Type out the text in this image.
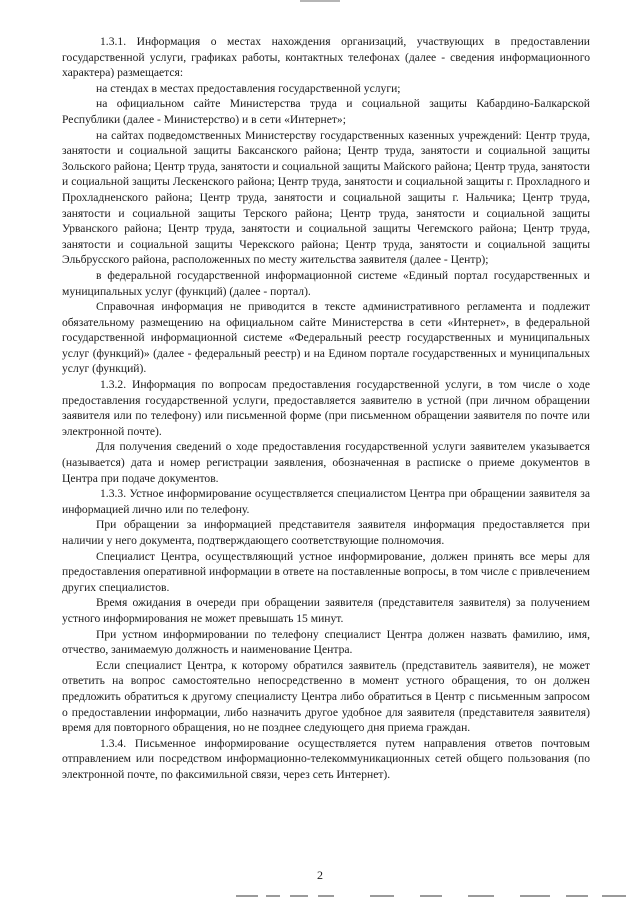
1.3.1. Информация о местах нахождения организаций, участвующих в предоставлении государственной услуги, графиках работы, контактных телефонах (далее - сведения информационного характера) размещается:

на стендах в местах предоставления государственной услуги;

на официальном сайте Министерства труда и социальной защиты Кабардино-Балкарской Республики (далее - Министерство) и в сети «Интернет»;

на сайтах подведомственных Министерству государственных казенных учреждений: Центр труда, занятости и социальной защиты Баксанского района; Центр труда, занятости и социальной защиты Зольского района; Центр труда, занятости и социальной защиты Майского района; Центр труда, занятости и социальной защиты Лескенского района; Центр труда, занятости и социальной защиты г. Прохладного и Прохладненского района; Центр труда, занятости и социальной защиты г. Нальчика; Центр труда, занятости и социальной защиты Терского района; Центр труда, занятости и социальной защиты Урванского района; Центр труда, занятости и социальной защиты Чегемского района; Центр труда, занятости и социальной защиты Черекского района; Центр труда, занятости и социальной защиты Эльбрусского района, расположенных по месту жительства заявителя (далее - Центр);

в федеральной государственной информационной системе «Единый портал государственных и муниципальных услуг (функций) (далее - портал).

Справочная информация не приводится в тексте административного регламента и подлежит обязательному размещению на официальном сайте Министерства в сети «Интернет», в федеральной государственной информационной системе «Федеральный реестр государственных и муниципальных услуг (функций)» (далее - федеральный реестр) и на Едином портале государственных и муниципальных услуг (функций).

1.3.2. Информация по вопросам предоставления государственной услуги, в том числе о ходе предоставления государственной услуги, предоставляется заявителю в устной (при личном обращении заявителя или по телефону) или письменной форме (при письменном обращении заявителя по почте или электронной почте).

Для получения сведений о ходе предоставления государственной услуги заявителем указывается (называется) дата и номер регистрации заявления, обозначенная в расписке о приеме документов в Центра при подаче документов.

1.3.3. Устное информирование осуществляется специалистом Центра при обращении заявителя за информацией лично или по телефону.

При обращении за информацией представителя заявителя информация предоставляется при наличии у него документа, подтверждающего соответствующие полномочия.

Специалист Центра, осуществляющий устное информирование, должен принять все меры для предоставления оперативной информации в ответе на поставленные вопросы, в том числе с привлечением других специалистов.

Время ожидания в очереди при обращении заявителя (представителя заявителя) за получением устного информирования не может превышать 15 минут.

При устном информировании по телефону специалист Центра должен назвать фамилию, имя, отчество, занимаемую должность и наименование Центра.

Если специалист Центра, к которому обратился заявитель (представитель заявителя), не может ответить на вопрос самостоятельно непосредственно в момент устного обращения, то он должен предложить обратиться к другому специалисту Центра либо обратиться в Центр с письменным запросом о предоставлении информации, либо назначить другое удобное для заявителя (представителя заявителя) время для повторного обращения, но не позднее следующего дня приема граждан.

1.3.4. Письменное информирование осуществляется путем направления ответов почтовым отправлением или посредством информационно-телекоммуникационных сетей общего пользования (по электронной почте, по факсимильной связи, через сеть Интернет).

2
